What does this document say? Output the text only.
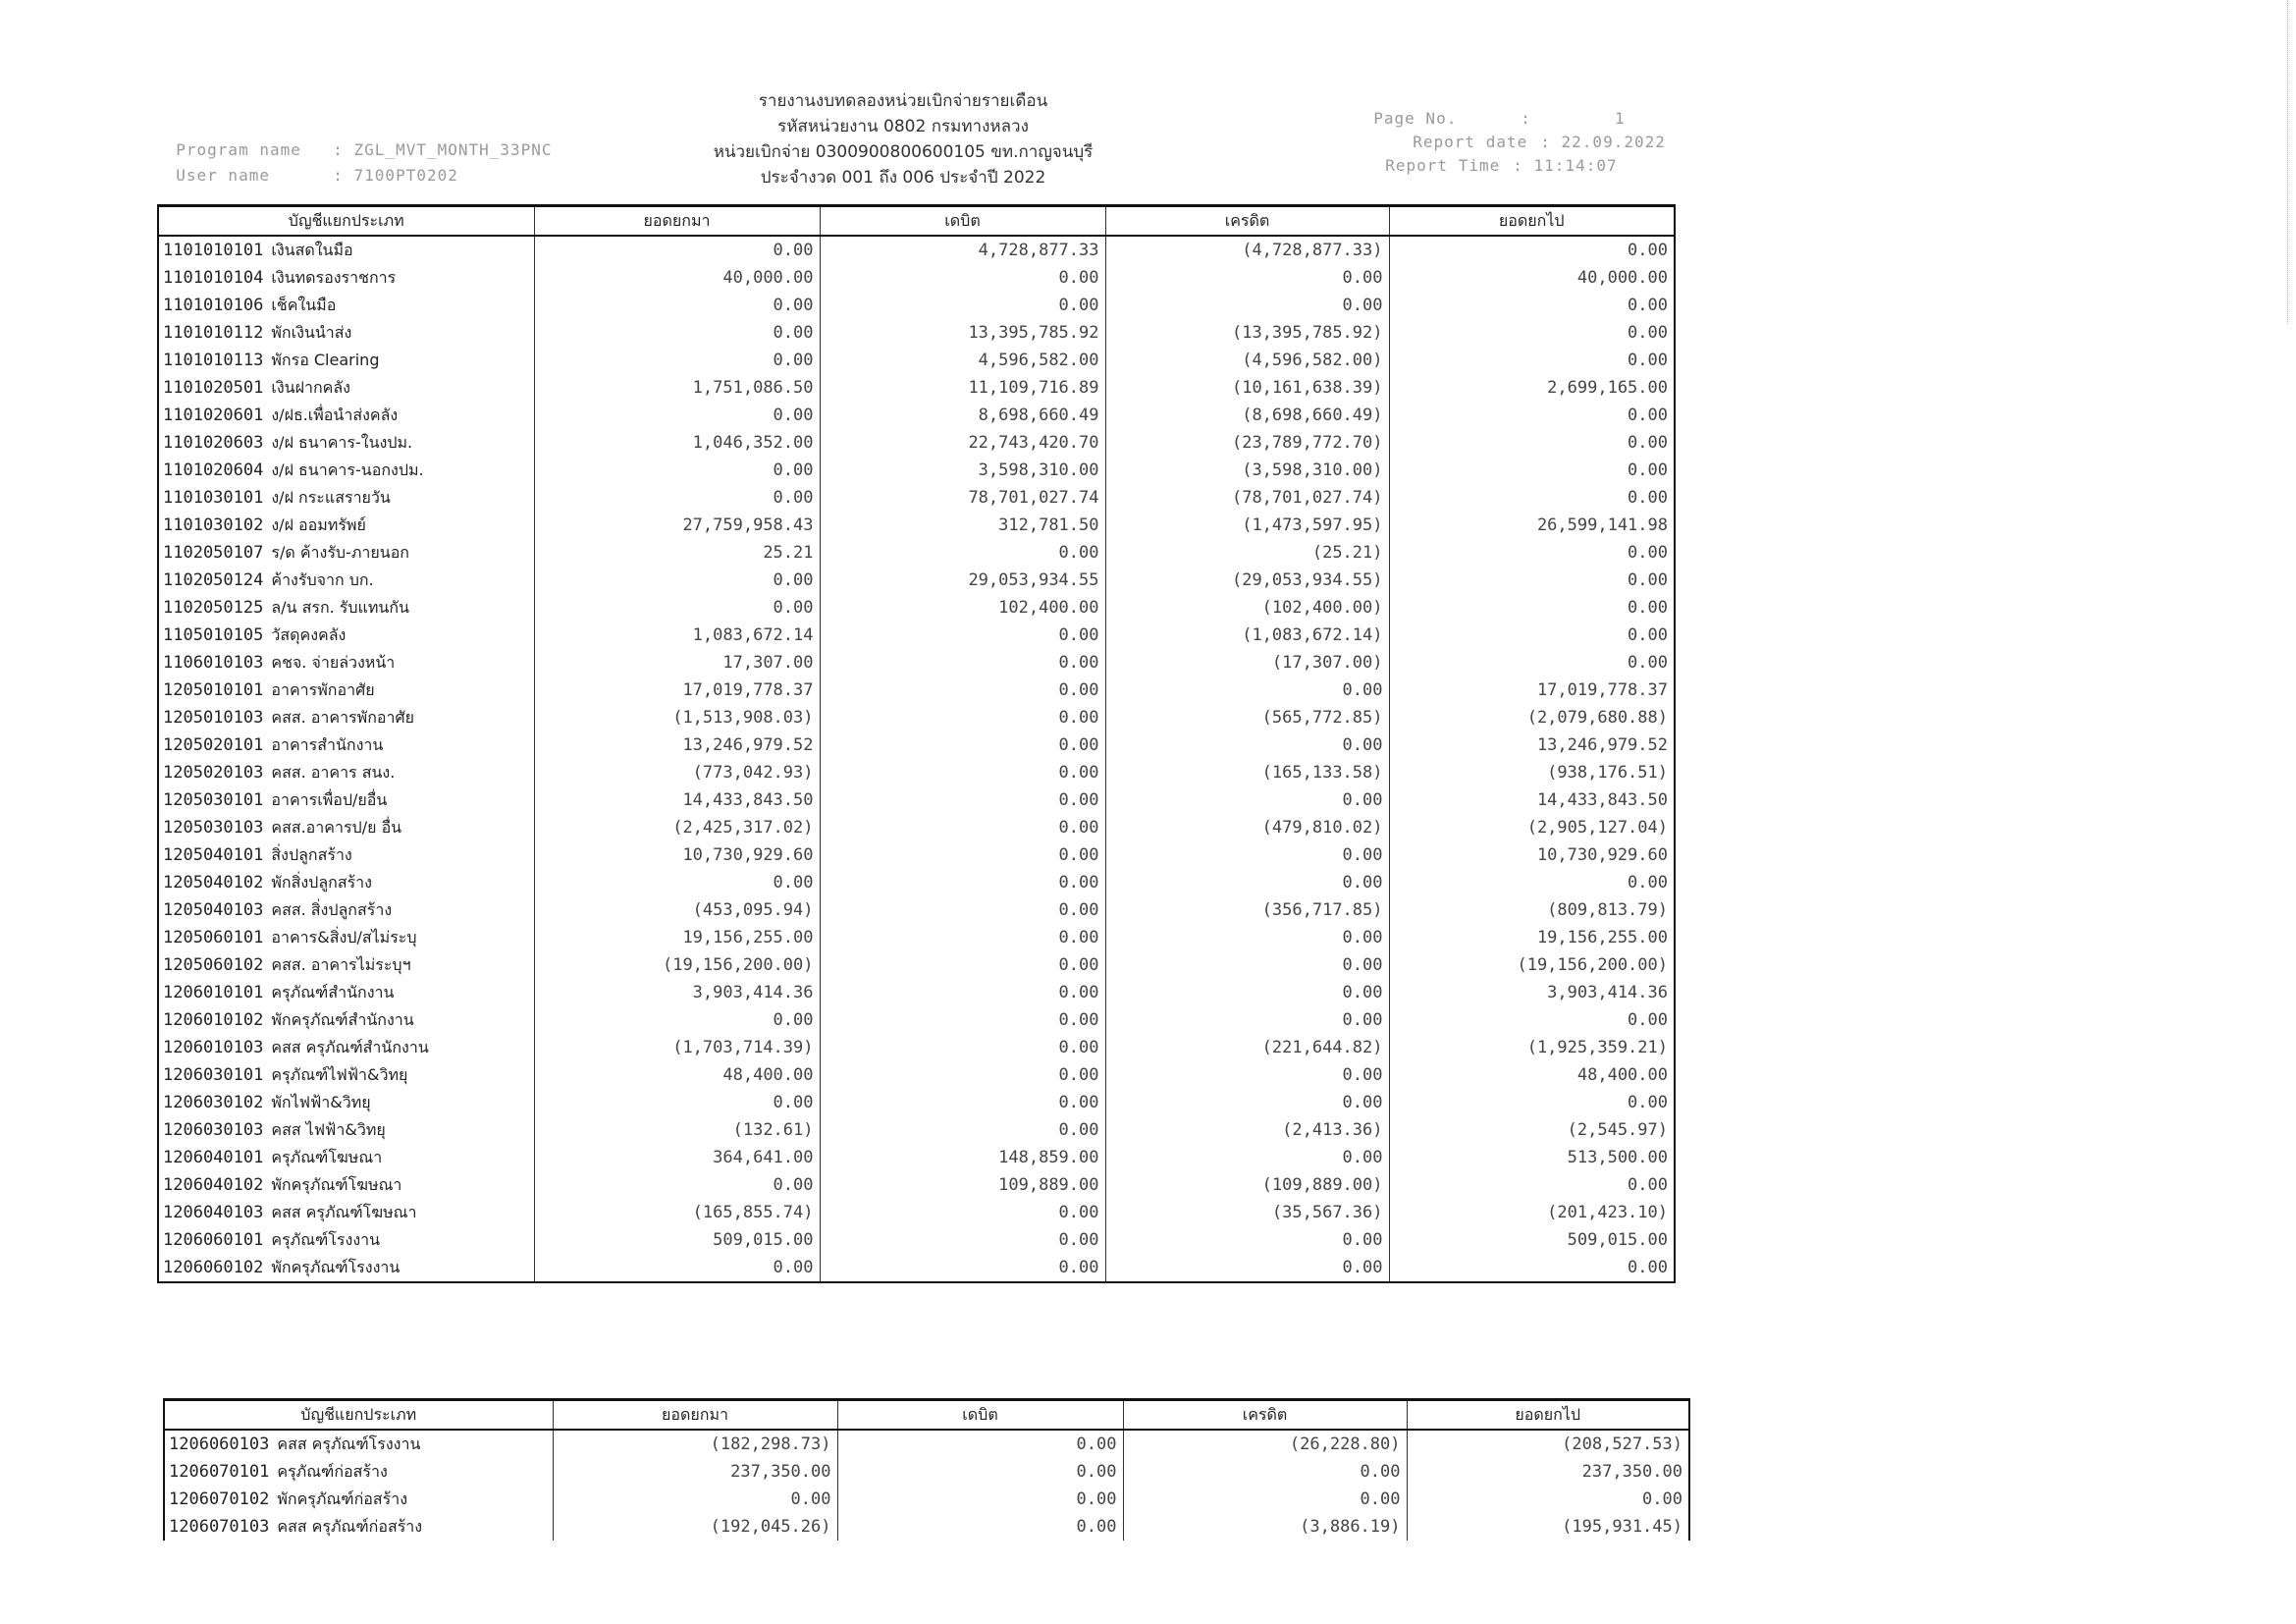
Program name : ZGL_MVT_MONTH_33PNC

User name	: 7100PT0202

รายงานงบทดลองหน่วยเบิกจ่ายรายเดือน
รหัสหน่วยงาน 0802 กรมทางหลวง
หน่วยเบิกจ่าย 0300900800600105 ขท.กาญจนบุรี
ประจำงวด 001 ถึง 006 ประจำปี 2022

Page No.	:        1

Report date : 22.09.2022

Report Time : 11:14:07

บัญชีแยกประเภท	ยอดยกมา	เดบิต	เครดิต	ยอดยกไป
1101010101 เงินสดในมือ	0.00	4,728,877.33	(4,728,877.33)	0.00
1101010104 เงินทดรองราชการ	40,000.00	0.00	0.00	40,000.00
1101010106 เช็คในมือ	0.00	0.00	0.00	0.00
1101010112 พักเงินนำส่ง	0.00	13,395,785.92	(13,395,785.92)	0.00
1101010113 พักรอ Clearing	0.00	4,596,582.00	(4,596,582.00)	0.00
1101020501 เงินฝากคลัง	1,751,086.50	11,109,716.89	(10,161,638.39)	2,699,165.00
1101020601 ง/ฝธ.เพื่อนำส่งคลัง	0.00	8,698,660.49	(8,698,660.49)	0.00
1101020603 ง/ฝ ธนาคาร-ในงปม.	1,046,352.00	22,743,420.70	(23,789,772.70)	0.00
1101020604 ง/ฝ ธนาคาร-นอกงปม.	0.00	3,598,310.00	(3,598,310.00)	0.00
1101030101 ง/ฝ กระแสรายวัน	0.00	78,701,027.74	(78,701,027.74)	0.00
1101030102 ง/ฝ ออมทรัพย์	27,759,958.43	312,781.50	(1,473,597.95)	26,599,141.98
1102050107 ร/ด ค้างรับ-ภายนอก	25.21	0.00	(25.21)	0.00
1102050124 ค้างรับจาก บก.	0.00	29,053,934.55	(29,053,934.55)	0.00
1102050125 ล/น สรก. รับแทนกัน	0.00	102,400.00	(102,400.00)	0.00
1105010105 วัสดุคงคลัง	1,083,672.14	0.00	(1,083,672.14)	0.00
1106010103 คชจ. จ่ายล่วงหน้า	17,307.00	0.00	(17,307.00)	0.00
1205010101 อาคารพักอาศัย	17,019,778.37	0.00	0.00	17,019,778.37
1205010103 คสส. อาคารพักอาศัย	(1,513,908.03)	0.00	(565,772.85)	(2,079,680.88)
1205020101 อาคารสำนักงาน	13,246,979.52	0.00	0.00	13,246,979.52
1205020103 คสส. อาคาร สนง.	(773,042.93)	0.00	(165,133.58)	(938,176.51)
1205030101 อาคารเพื่อป/ยอื่น	14,433,843.50	0.00	0.00	14,433,843.50
1205030103 คสส.อาคารป/ย อื่น	(2,425,317.02)	0.00	(479,810.02)	(2,905,127.04)
1205040101 สิ่งปลูกสร้าง	10,730,929.60	0.00	0.00	10,730,929.60
1205040102 พักสิ่งปลูกสร้าง	0.00	0.00	0.00	0.00
1205040103 คสส. สิ่งปลูกสร้าง	(453,095.94)	0.00	(356,717.85)	(809,813.79)
1205060101 อาคาร&สิ่งป/สไม่ระบุ	19,156,255.00	0.00	0.00	19,156,255.00
1205060102 คสส. อาคารไม่ระบุฯ	(19,156,200.00)	0.00	0.00	(19,156,200.00)
1206010101 ครุภัณฑ์สำนักงาน	3,903,414.36	0.00	0.00	3,903,414.36
1206010102 พักครุภัณฑ์สำนักงาน	0.00	0.00	0.00	0.00
1206010103 คสส ครุภัณฑ์สำนักงาน	(1,703,714.39)	0.00	(221,644.82)	(1,925,359.21)
1206030101 ครุภัณฑ์ไฟฟ้า&วิทยุ	48,400.00	0.00	0.00	48,400.00
1206030102 พักไฟฟ้า&วิทยุ	0.00	0.00	0.00	0.00
1206030103 คสส ไฟฟ้า&วิทยุ	(132.61)	0.00	(2,413.36)	(2,545.97)
1206040101 ครุภัณฑ์โฆษณา	364,641.00	148,859.00	0.00	513,500.00
1206040102 พักครุภัณฑ์โฆษณา	0.00	109,889.00	(109,889.00)	0.00
1206040103 คสส ครุภัณฑ์โฆษณา	(165,855.74)	0.00	(35,567.36)	(201,423.10)
1206060101 ครุภัณฑ์โรงงาน	509,015.00	0.00	0.00	509,015.00
1206060102 พักครุภัณฑ์โรงงาน	0.00	0.00	0.00	0.00

บัญชีแยกประเภท	ยอดยกมา	เดบิต	เครดิต	ยอดยกไป
1206060103 คสส ครุภัณฑ์โรงงาน	(182,298.73)	0.00	(26,228.80)	(208,527.53)
1206070101 ครุภัณฑ์ก่อสร้าง	237,350.00	0.00	0.00	237,350.00
1206070102 พักครุภัณฑ์ก่อสร้าง	0.00	0.00	0.00	0.00
1206070103 คสส ครุภัณฑ์ก่อสร้าง	(192,045.26)	0.00	(3,886.19)	(195,931.45)
